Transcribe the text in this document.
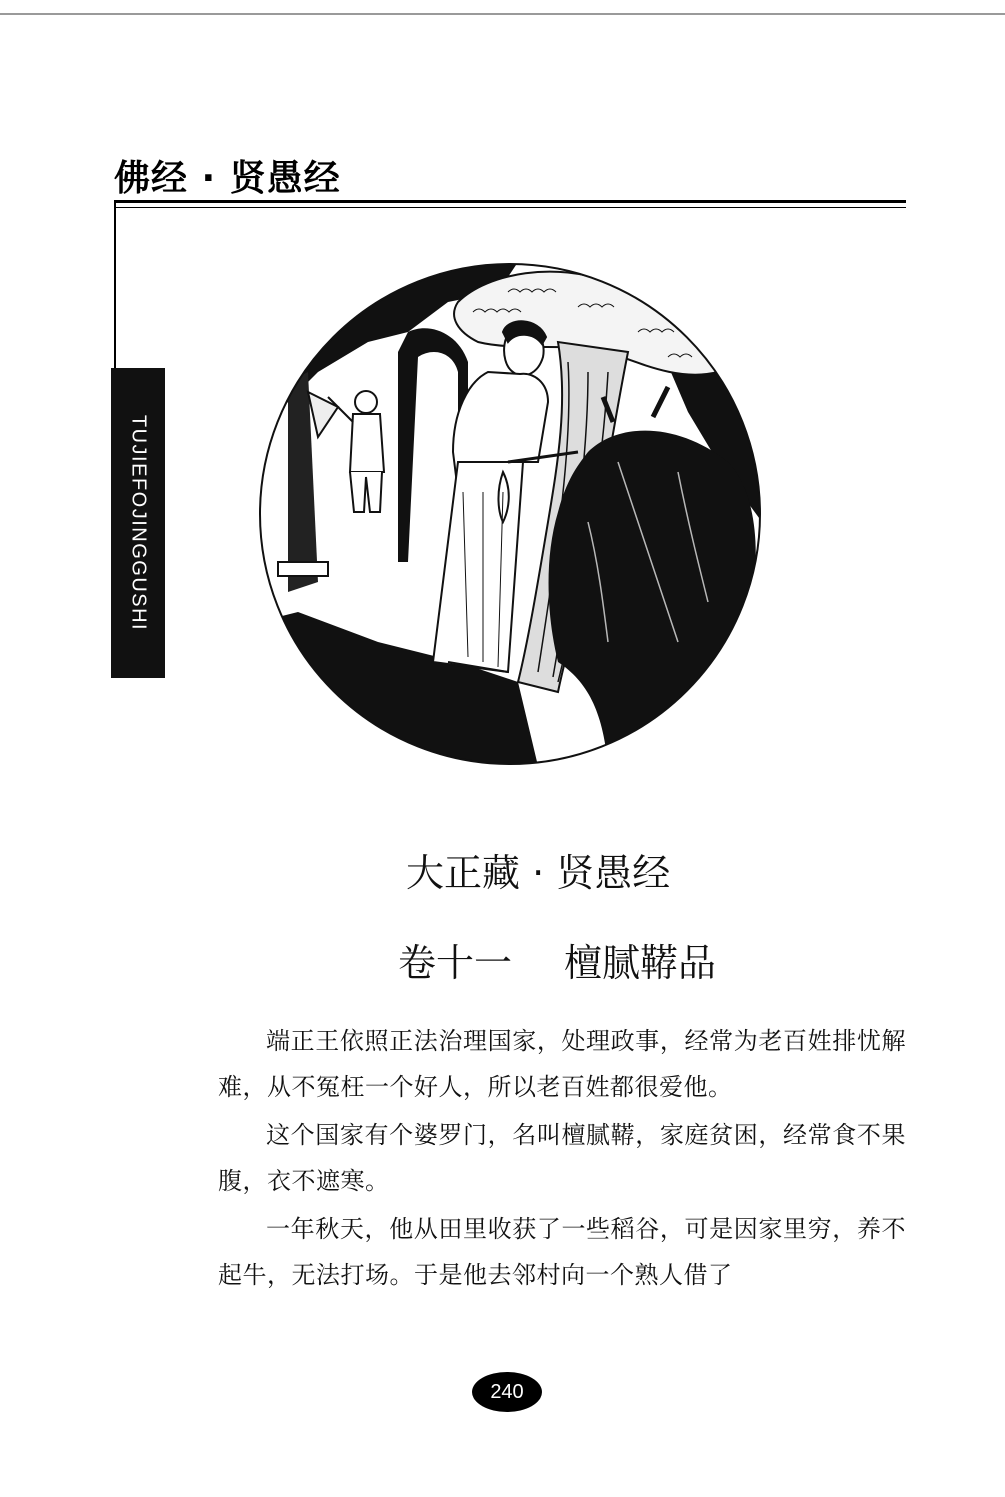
佛经 · 贤愚经
TUJIEFOJINGGUSHI
大正藏 · 贤愚经
卷十一 檀腻鞯品

端正王依照正法治理国家，处理政事，经常为老百姓排忧解难，从不冤枉一个好人，所以老百姓都很爱他。

这个国家有个婆罗门，名叫檀腻鞯，家庭贫困，经常食不果腹，衣不遮寒。

一年秋天，他从田里收获了一些稻谷，可是因家里穷，养不起牛，无法打场。于是他去邻村向一个熟人借了

240
